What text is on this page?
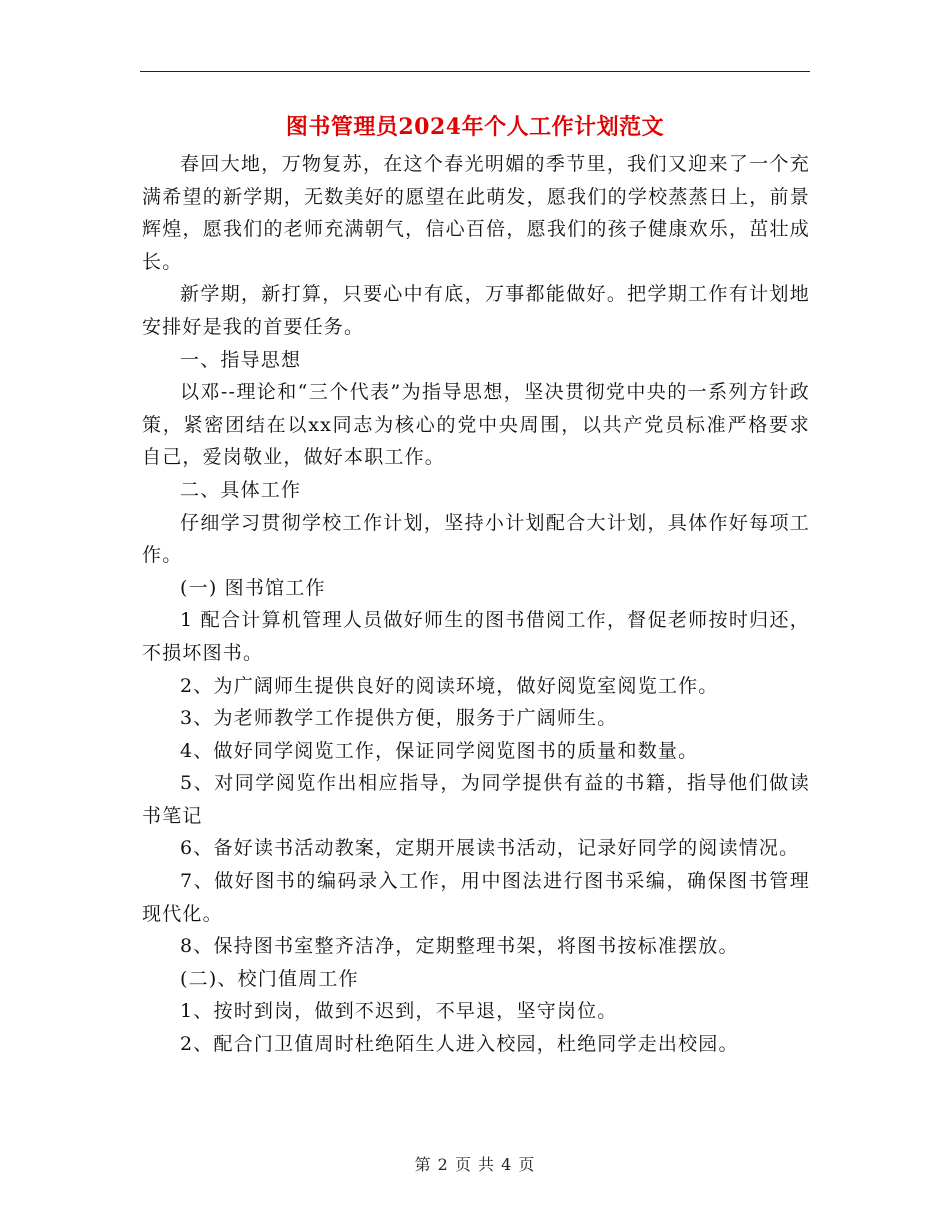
图书管理员2024年个人工作计划范文

春回大地，万物复苏，在这个春光明媚的季节里，我们又迎来了一个充满希望的新学期，无数美好的愿望在此萌发，愿我们的学校蒸蒸日上，前景辉煌，愿我们的老师充满朝气，信心百倍，愿我们的孩子健康欢乐，茁壮成长。

新学期，新打算，只要心中有底，万事都能做好。把学期工作有计划地安排好是我的首要任务。

一、指导思想

以邓--理论和“三个代表”为指导思想，坚决贯彻党中央的一系列方针政策，紧密团结在以xx同志为核心的党中央周围，以共产党员标准严格要求自己，爱岗敬业，做好本职工作。

二、具体工作

仔细学习贯彻学校工作计划，坚持小计划配合大计划，具体作好每项工作。

(一) 图书馆工作

1 配合计算机管理人员做好师生的图书借阅工作，督促老师按时归还，不损坏图书。

2、为广阔师生提供良好的阅读环境，做好阅览室阅览工作。

3、为老师教学工作提供方便，服务于广阔师生。

4、做好同学阅览工作，保证同学阅览图书的质量和数量。

5、对同学阅览作出相应指导，为同学提供有益的书籍，指导他们做读书笔记

6、备好读书活动教案，定期开展读书活动，记录好同学的阅读情况。

7、做好图书的编码录入工作，用中图法进行图书采编，确保图书管理现代化。

8、保持图书室整齐洁净，定期整理书架，将图书按标准摆放。

(二)、校门值周工作

1、按时到岗，做到不迟到，不早退，坚守岗位。

2、配合门卫值周时杜绝陌生人进入校园，杜绝同学走出校园。

第 2 页 共 4 页
